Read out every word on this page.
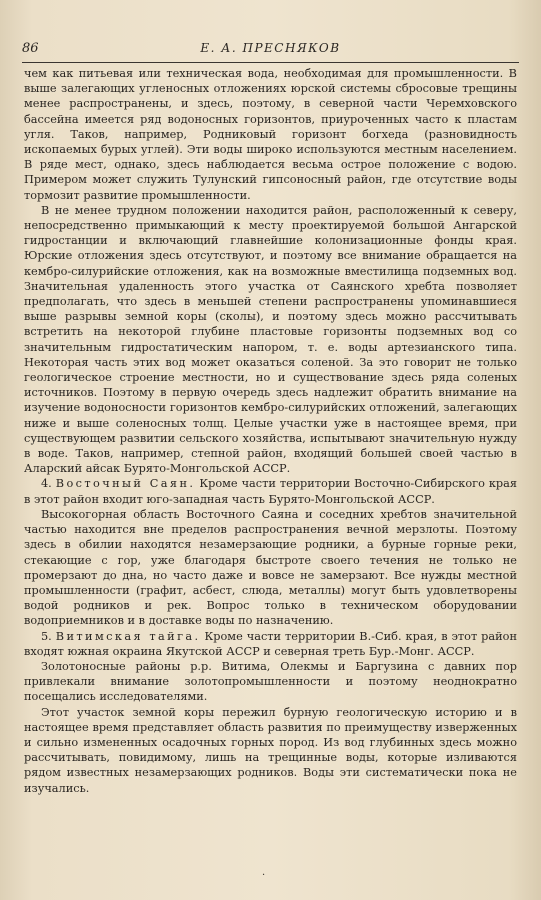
86	Е. А. ПРЕСНЯКОВ

чем как питьевая или техническая вода, необходимая для промышленности. В выше залегающих угленосных отложениях юрской системы сбросовые трещины менее распространены, и здесь, поэтому, в северной части Черемховского бассейна имеется ряд водоносных горизонтов, приуроченных часто к пластам угля. Таков, например, Родниковый горизонт богхеда (разновидность ископаемых бурых углей). Эти воды широко используются местным населением. В ряде мест, однако, здесь наблюдается весьма острое положение с водою. Примером может служить Тулунский гипсоносный район, где отсутствие воды тормозит развитие промышленности.

В не менее трудном положении находится район, расположенный к северу, непосредственно примыкающий к месту проектируемой большой Ангарской гидростанции и включающий главнейшие колонизационные фонды края. Юрские отложения здесь отсутствуют, и поэтому все внимание обращается на кембро-силурийские отложения, как на возможные вместилища подземных вод. Значительная удаленность этого участка от Саянского хребта позволяет предполагать, что здесь в меньшей степени распространены упоминавшиеся выше разрывы земной коры (сколы), и поэтому здесь можно рассчитывать встретить на некоторой глубине пластовые горизонты подземных вод со значительным гидростатическим напором, т. е. воды артезианского типа. Некоторая часть этих вод может оказаться соленой. За это говорит не только геологическое строение местности, но и существование здесь ряда соленых источников. Поэтому в первую очередь здесь надлежит обратить внимание на изучение водоносности горизонтов кембро-силурийских отложений, залегающих ниже и выше соленосных толщ. Целые участки уже в настоящее время, при существующем развитии сельского хозяйства, испытывают значительную нужду в воде. Таков, например, степной район, входящий большей своей частью в Аларский айсак Бурято-Монгольской АССР.

4. Восточный Саян. Кроме части территории Восточно-Сибирского края в этот район входит юго-западная часть Бурято-Монгольской АССР.

Высокогорная область Восточного Саяна и соседних хребтов значительной частью находится вне пределов распространения вечной мерзлоты. Поэтому здесь в обилии находятся незамерзающие родники, а бурные горные реки, стекающие с гор, уже благодаря быстроте своего течения не только не промерзают до дна, но часто даже и вовсе не замерзают. Все нужды местной промышленности (графит, асбест, слюда, металлы) могут быть удовлетворены водой родников и рек. Вопрос только в техническом оборудовании водоприемников и в доставке воды по назначению.

5. Витимская тайга. Кроме части территории В.-Сиб. края, в этот район входят южная окраина Якутской АССР и северная треть Бур.-Монг. АССР.

Золотоносные районы р.р. Витима, Олекмы и Баргузина с давних пор привлекали внимание золотопромышленности и поэтому неоднократно посещались исследователями.

Этот участок земной коры пережил бурную геологическую историю и в настоящее время представляет область развития по преимуществу изверженных и сильно измененных осадочных горных пород. Из вод глубинных здесь можно рассчитывать, повидимому, лишь на трещинные воды, которые изливаются рядом известных незамерзающих родников. Воды эти систематически пока не изучались.

·
